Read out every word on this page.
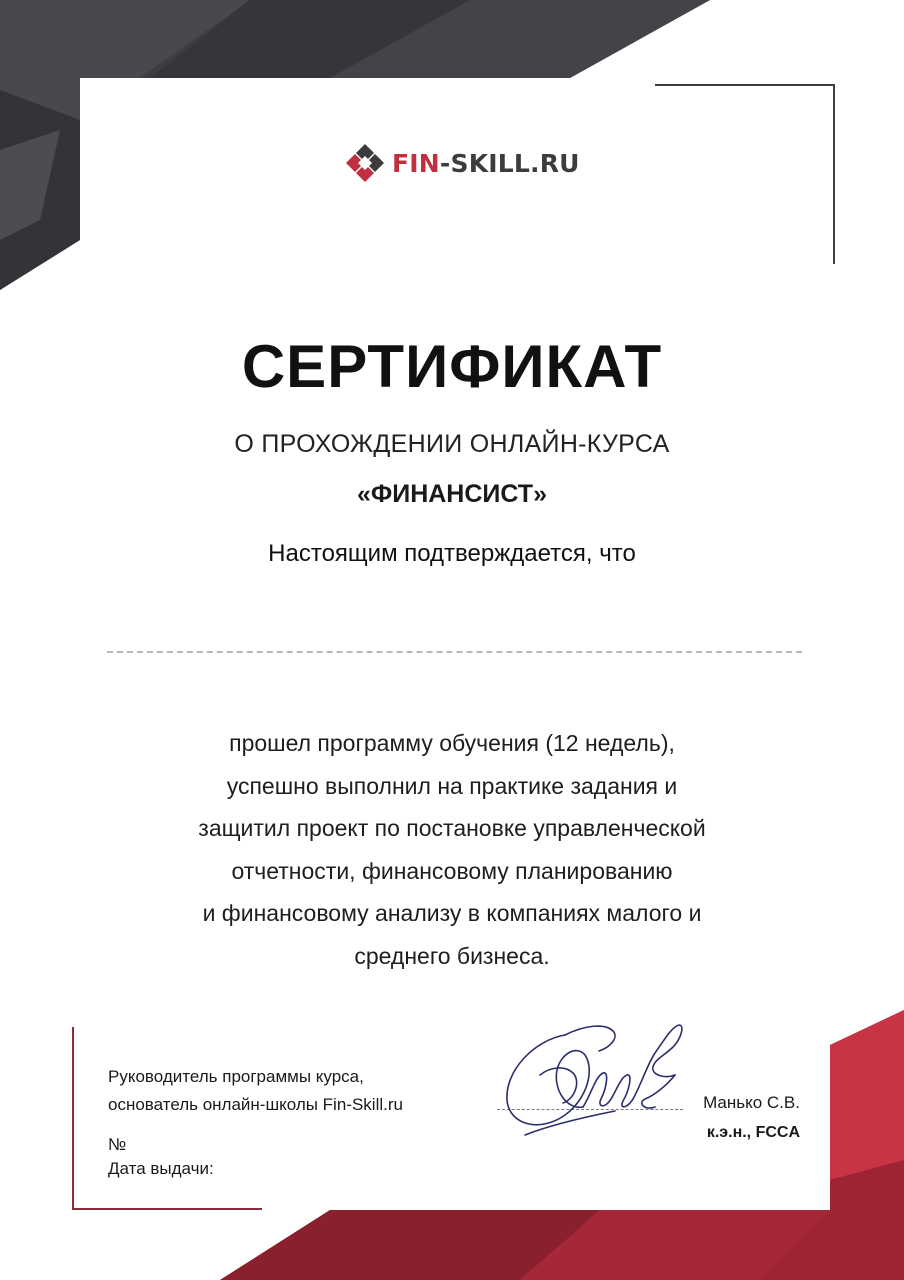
FIN-SKILL.RU
СЕРТИФИКАТ
О ПРОХОЖДЕНИИ ОНЛАЙН-КУРСА
«ФИНАНСИСТ»
Настоящим подтверждается, что
прошел программу обучения (12 недель),
успешно выполнил на практике задания и
защитил проект по постановке управленческой
отчетности, финансовому планированию
и финансовому анализу в компаниях малого и
среднего бизнеса.
Руководитель программы курса,
основатель онлайн-школы Fin-Skill.ru
№
Дата выдачи:
Манько С.В.
к.э.н., FCCA
